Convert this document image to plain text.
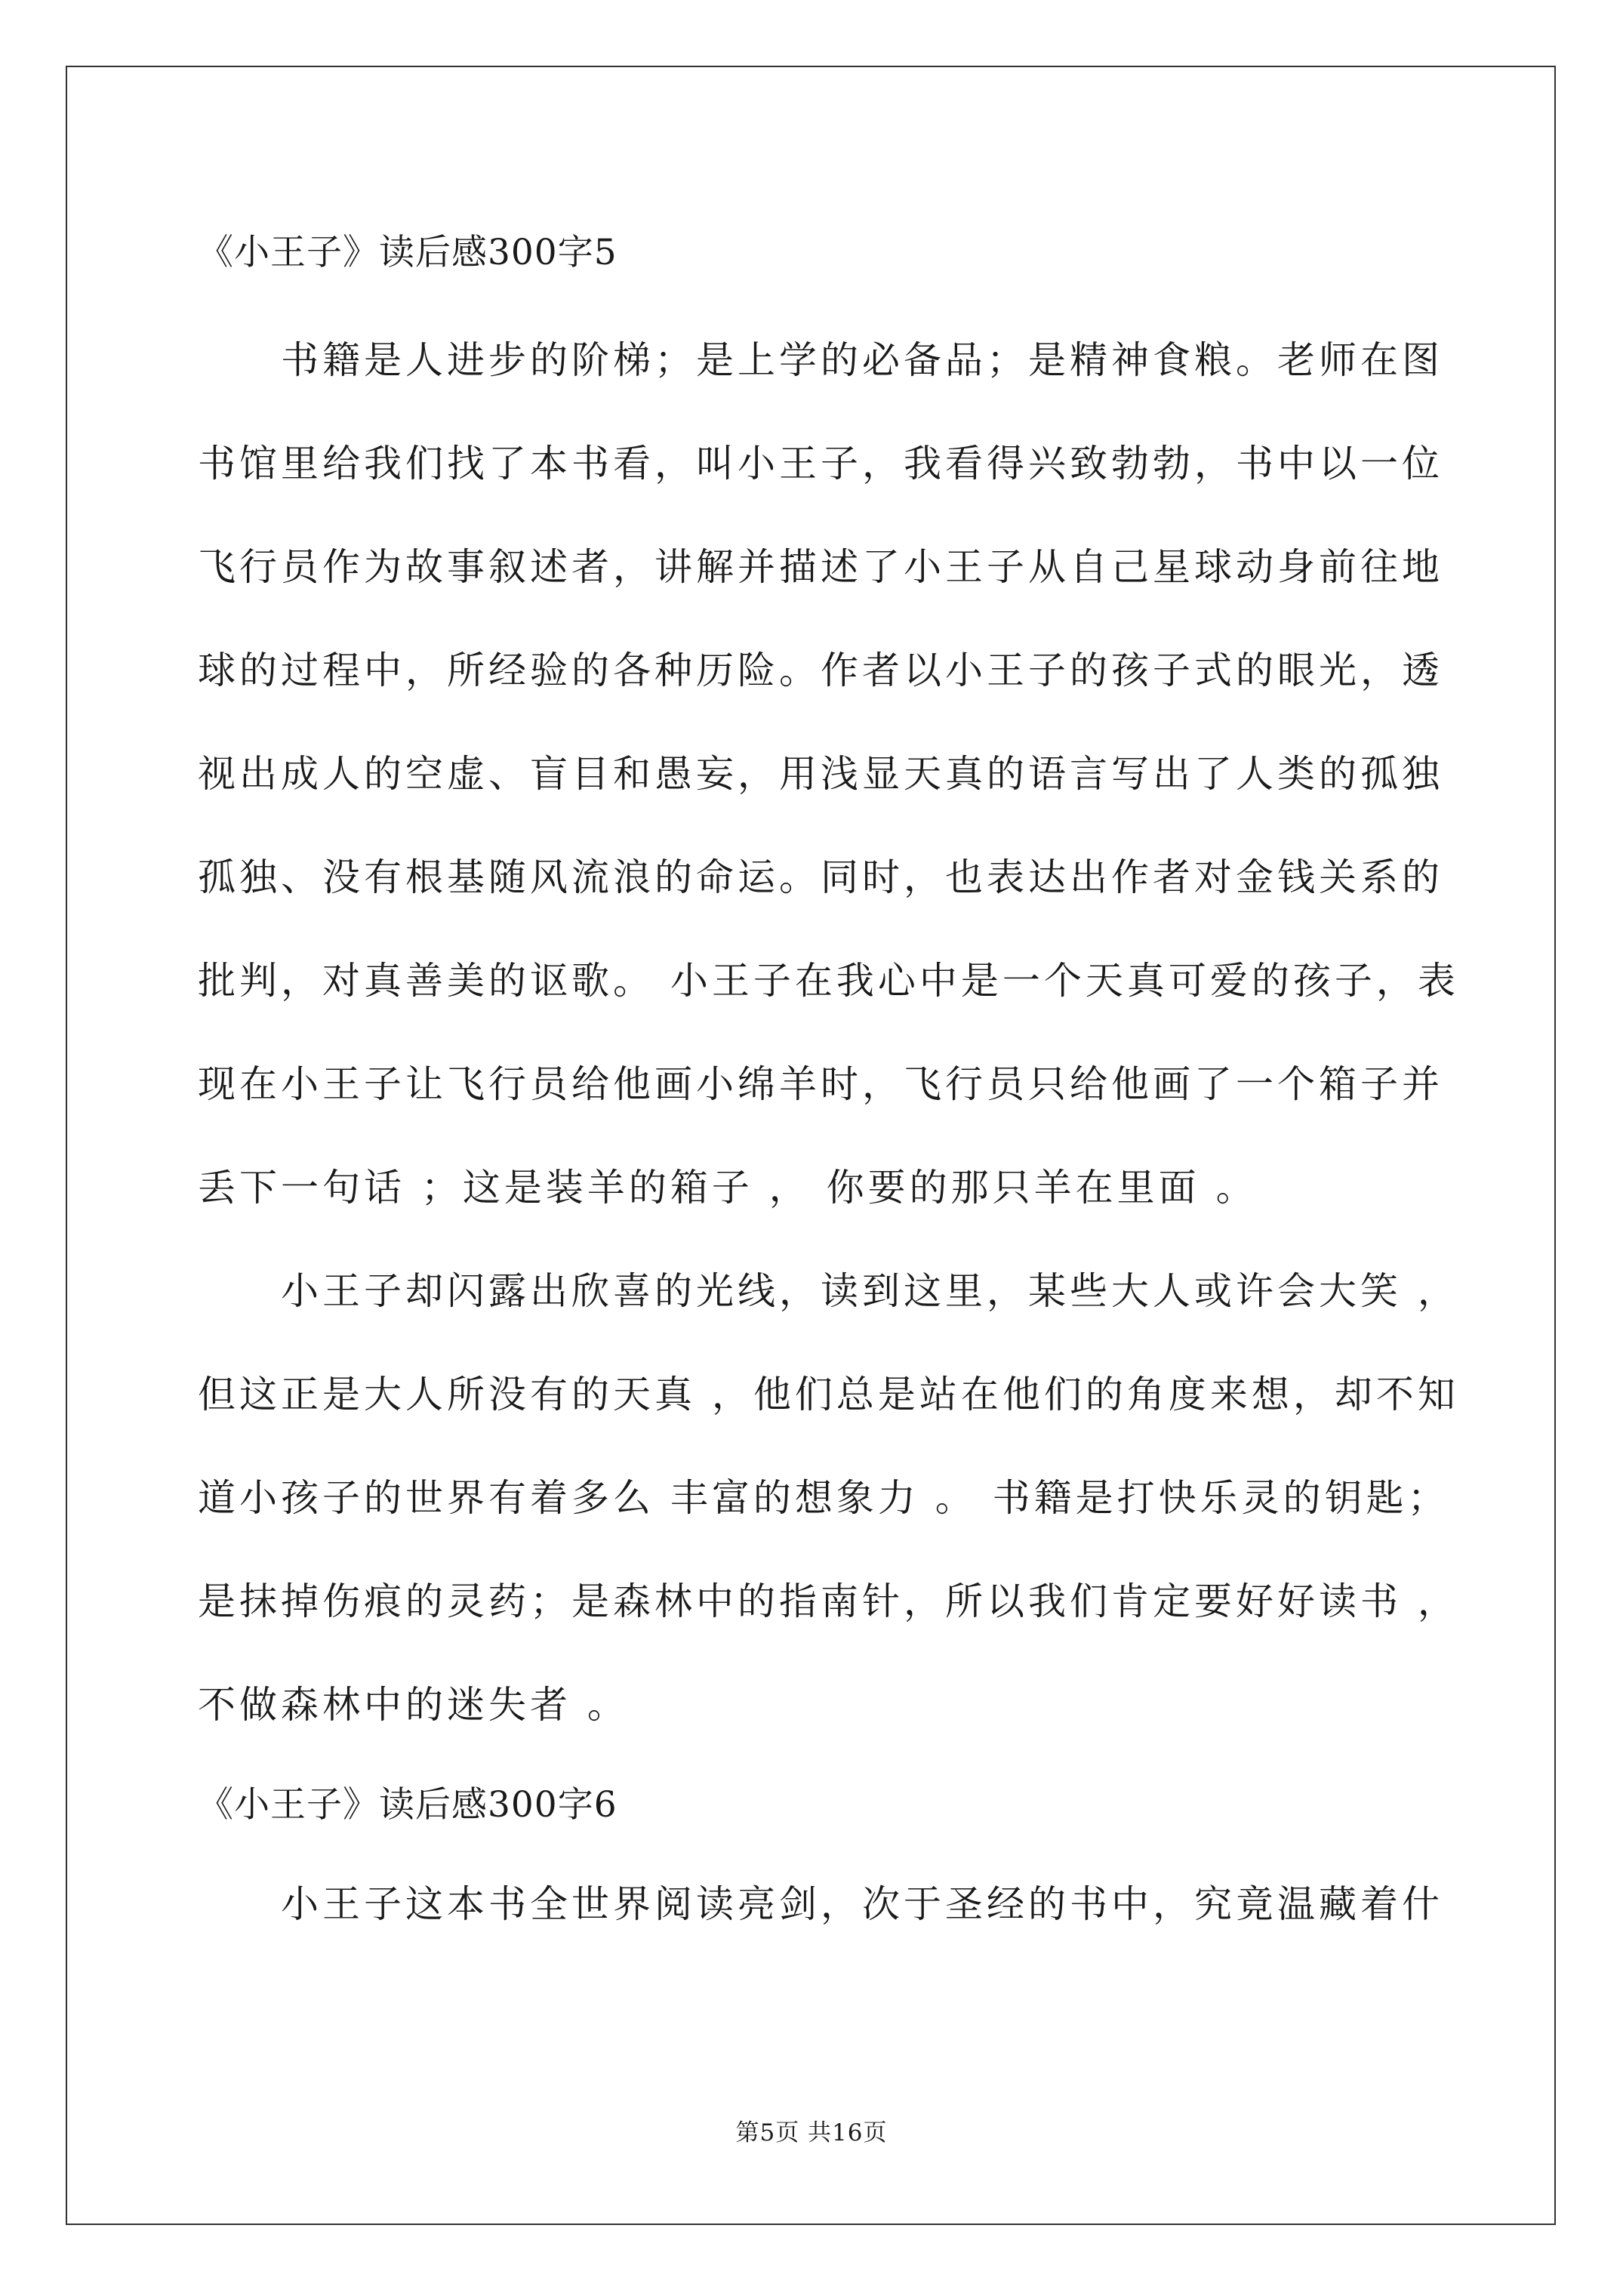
《小王子》读后感300字5
书籍是人进步的阶梯；是上学的必备品；是精神食粮。老师在图
书馆里给我们找了本书看，叫小王子，我看得兴致勃勃，书中以一位
飞行员作为故事叙述者，讲解并描述了小王子从自己星球动身前往地
球的过程中，所经验的各种历险。作者以小王子的孩子式的眼光，透
视出成人的空虚、盲目和愚妄，用浅显天真的语言写出了人类的孤独
孤独、没有根基随风流浪的命运。同时，也表达出作者对金钱关系的
批判，对真善美的讴歌。 小王子在我心中是一个天真可爱的孩子，表
现在小王子让飞行员给他画小绵羊时，飞行员只给他画了一个箱子并
丢下一句话 ；这是装羊的箱子 ， 你要的那只羊在里面 。
小王子却闪露出欣喜的光线，读到这里，某些大人或许会大笑 ，
但这正是大人所没有的天真 ，他们总是站在他们的角度来想，却不知
道小孩子的世界有着多么 丰富的想象力 。 书籍是打快乐灵的钥匙；
是抹掉伤痕的灵药；是森林中的指南针，所以我们肯定要好好读书 ，
不做森林中的迷失者 。
《小王子》读后感300字6
小王子这本书全世界阅读亮剑，次于圣经的书中，究竟温藏着什
第5页 共16页
